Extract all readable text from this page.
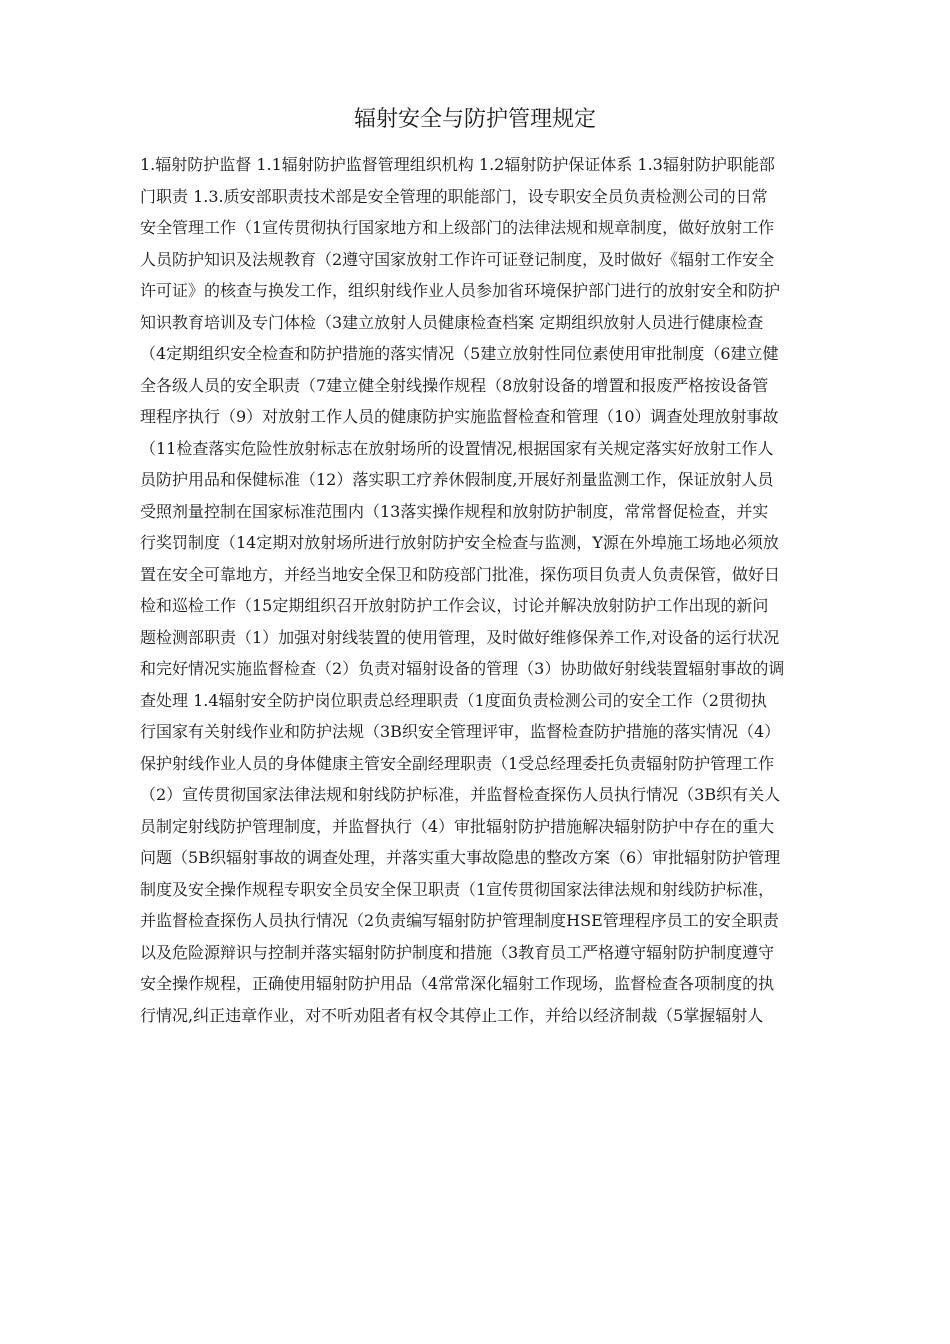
辐射安全与防护管理规定
1.辐射防护监督 1.1辐射防护监督管理组织机构 1.2辐射防护保证体系 1.3辐射防护职能部
门职责 1.3.质安部职责技术部是安全管理的职能部门，设专职安全员负责检测公司的日常
安全管理工作（1宣传贯彻执行国家地方和上级部门的法律法规和规章制度，做好放射工作
人员防护知识及法规教育（2遵守国家放射工作许可证登记制度，及时做好《辐射工作安全
许可证》的核查与换发工作，组织射线作业人员参加省环境保护部门进行的放射安全和防护
知识教育培训及专门体检（3建立放射人员健康检查档案 定期组织放射人员进行健康检查
（4定期组织安全检查和防护措施的落实情况（5建立放射性同位素使用审批制度（6建立健
全各级人员的安全职责（7建立健全射线操作规程（8放射设备的增置和报废严格按设备管
理程序执行（9）对放射工作人员的健康防护实施监督检查和管理（10）调查处理放射事故
（11检查落实危险性放射标志在放射场所的设置情况,根据国家有关规定落实好放射工作人
员防护用品和保健标准（12）落实职工疗养休假制度,开展好剂量监测工作，保证放射人员
受照剂量控制在国家标准范围内（13落实操作规程和放射防护制度，常常督促检查，并实
行奖罚制度（14定期对放射场所进行放射防护安全检查与监测，Y源在外埠施工场地必须放
置在安全可靠地方，并经当地安全保卫和防疫部门批准，探伤项目负责人负责保管，做好日
检和巡检工作（15定期组织召开放射防护工作会议，讨论并解决放射防护工作出现的新问
题检测部职责（1）加强对射线装置的使用管理，及时做好维修保养工作,对设备的运行状况
和完好情况实施监督检查（2）负责对辐射设备的管理（3）协助做好射线装置辐射事故的调
查处理 1.4辐射安全防护岗位职责总经理职责（1度面负责检测公司的安全工作（2贯彻执
行国家有关射线作业和防护法规（3B织安全管理评审，监督检查防护措施的落实情况（4）
保护射线作业人员的身体健康主管安全副经理职责（1受总经理委托负责辐射防护管理工作
（2）宣传贯彻国家法律法规和射线防护标准，并监督检查探伤人员执行情况（3B织有关人
员制定射线防护管理制度，并监督执行（4）审批辐射防护措施解决辐射防护中存在的重大
问题（5B织辐射事故的调查处理，并落实重大事故隐患的整改方案（6）审批辐射防护管理
制度及安全操作规程专职安全员安全保卫职责（1宣传贯彻国家法律法规和射线防护标准，
并监督检查探伤人员执行情况（2负责编写辐射防护管理制度HSE管理程序员工的安全职责
以及危险源辩识与控制并落实辐射防护制度和措施（3教育员工严格遵守辐射防护制度遵守
安全操作规程，正确使用辐射防护用品（4常常深化辐射工作现场，监督检查各项制度的执
行情况,纠正违章作业，对不听劝阻者有权令其停止工作，并给以经济制裁（5掌握辐射人
